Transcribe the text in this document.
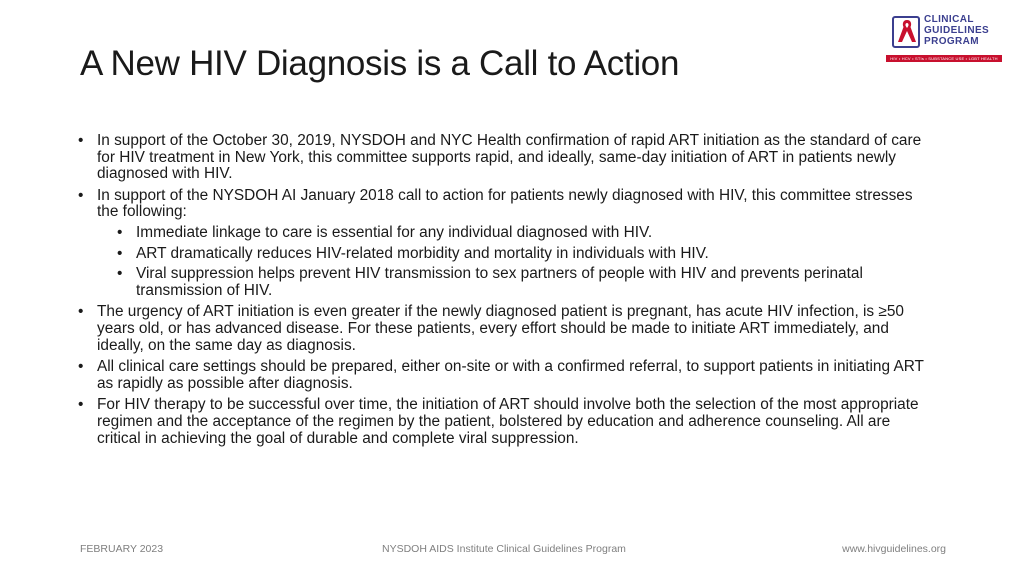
A New HIV Diagnosis is a Call to Action
CLINICAL
GUIDELINES
PROGRAM
HIV • HCV • STIs • SUBSTANCE USE • LGBT HEALTH
• In support of the October 30, 2019, NYSDOH and NYC Health confirmation of rapid ART initiation as the standard of care for HIV treatment in New York, this committee supports rapid, and ideally, same-day initiation of ART in patients newly diagnosed with HIV.
• In support of the NYSDOH AI January 2018 call to action for patients newly diagnosed with HIV, this committee stresses the following:
• Immediate linkage to care is essential for any individual diagnosed with HIV.
• ART dramatically reduces HIV-related morbidity and mortality in individuals with HIV.
• Viral suppression helps prevent HIV transmission to sex partners of people with HIV and prevents perinatal transmission of HIV.
• The urgency of ART initiation is even greater if the newly diagnosed patient is pregnant, has acute HIV infection, is ≥50 years old, or has advanced disease. For these patients, every effort should be made to initiate ART immediately, and ideally, on the same day as diagnosis.
• All clinical care settings should be prepared, either on-site or with a confirmed referral, to support patients in initiating ART as rapidly as possible after diagnosis.
• For HIV therapy to be successful over time, the initiation of ART should involve both the selection of the most appropriate regimen and the acceptance of the regimen by the patient, bolstered by education and adherence counseling. All are critical in achieving the goal of durable and complete viral suppression.
FEBRUARY 2023	NYSDOH AIDS Institute Clinical Guidelines Program	www.hivguidelines.org
